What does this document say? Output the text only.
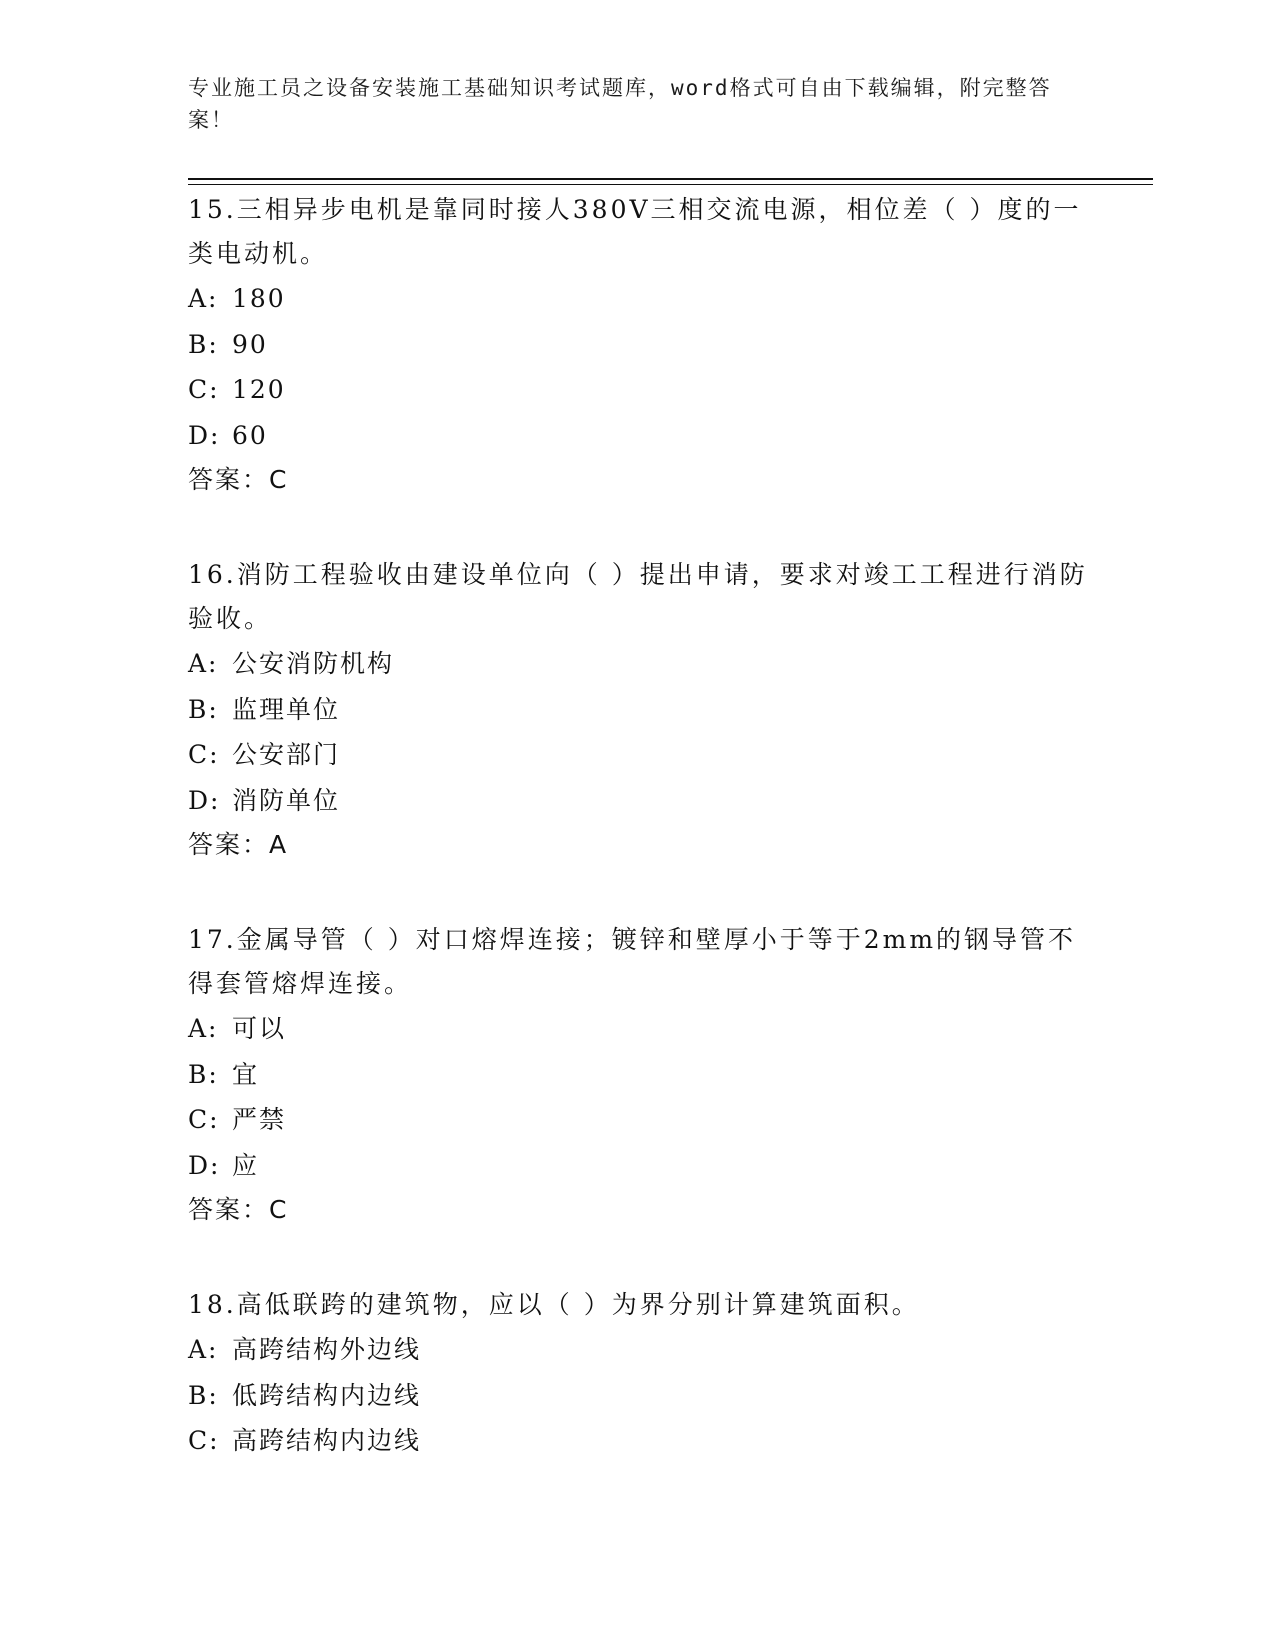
专业施工员之设备安装施工基础知识考试题库，word格式可自由下载编辑，附完整答案！

15.三相异步电机是靠同时接人380V三相交流电源，相位差（ ）度的一类电动机。

A: 180
B: 90
C: 120
D: 60
答案：C

16.消防工程验收由建设单位向（ ）提出申请，要求对竣工工程进行消防验收。

A: 公安消防机构
B: 监理单位
C: 公安部门
D: 消防单位
答案：A

17.金属导管（ ）对口熔焊连接；镀锌和壁厚小于等于2mm的钢导管不得套管熔焊连接。

A: 可以
B: 宜
C: 严禁
D: 应
答案：C

18.高低联跨的建筑物，应以（ ）为界分别计算建筑面积。

A: 高跨结构外边线
B: 低跨结构内边线
C: 高跨结构内边线
